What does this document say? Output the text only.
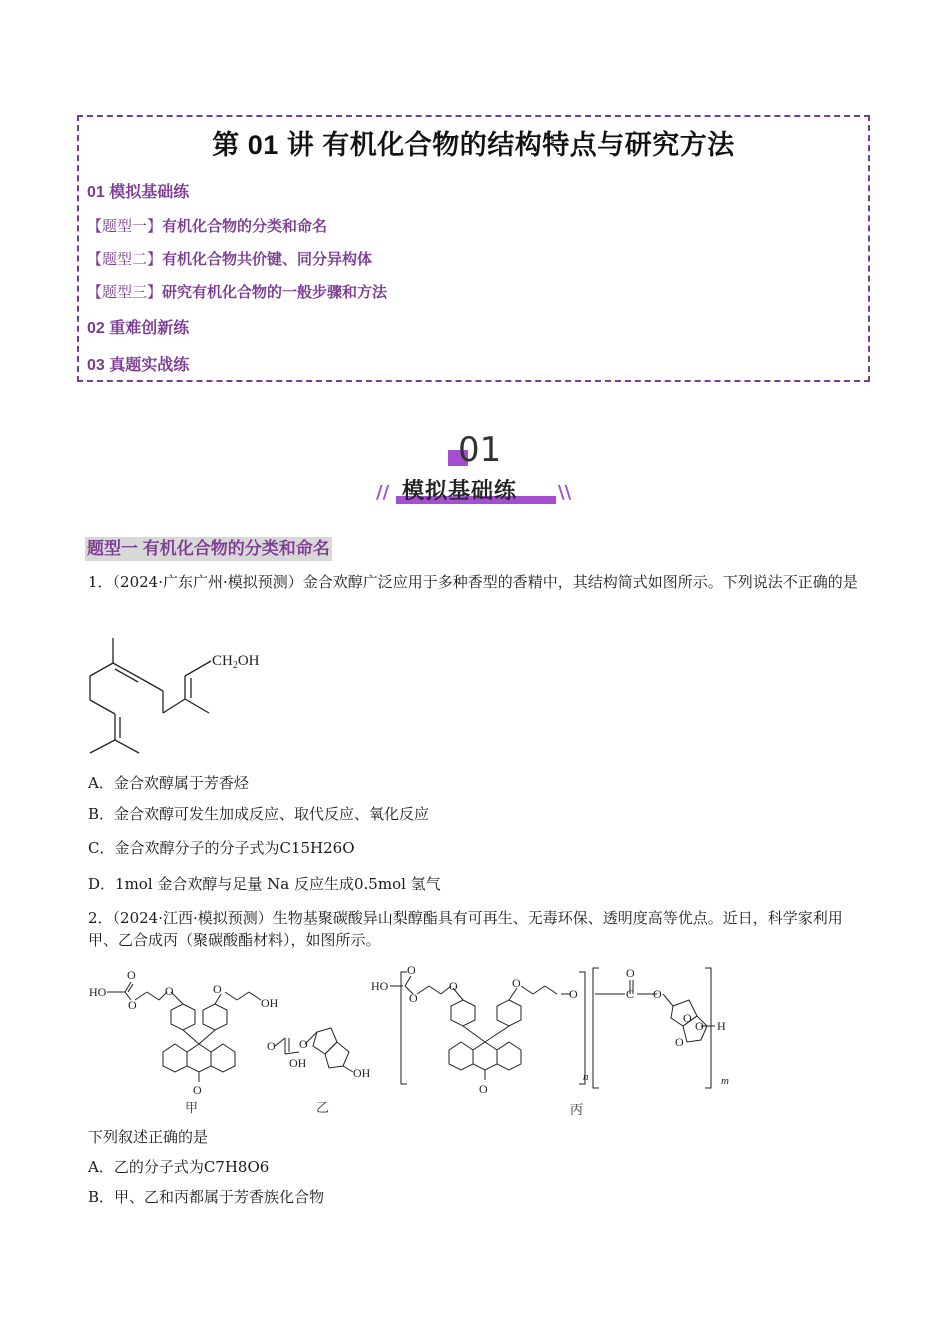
第 01 讲 有机化合物的结构特点与研究方法
01 模拟基础练
【题型一】有机化合物的分类和命名
【题型二】有机化合物共价键、同分异构体
【题型三】研究有机化合物的一般步骤和方法
02 重难创新练
03 真题实战练
01
// 模拟基础练 \\
题型一 有机化合物的分类和命名
1．（2024·广东广州·模拟预测）金合欢醇广泛应用于多种香型的香精中，其结构简式如图所示。下列说法不正确的是
$CH_2OH$
A．金合欢醇属于芳香烃
B．金合欢醇可发生加成反应、取代反应、氧化反应
C．金合欢醇分子的分子式为C15H26O
D．1mol 金合欢醇与足量 Na 反应生成0.5mol 氢气
2．（2024·江西·模拟预测）生物基聚碳酸异山梨醇酯具有可再生、无毒环保、透明度高等优点。近日，科学家利用甲、乙合成丙（聚碳酸酯材料），如图所示。
HO
O
O
O	O
OH
O
O
OH
O
OH
HO
O
O
O	O
O
O
O
C O
O
O
O H
n	m
甲	乙	丙
下列叙述正确的是
A．乙的分子式为C7H8O6
B．甲、乙和丙都属于芳香族化合物
